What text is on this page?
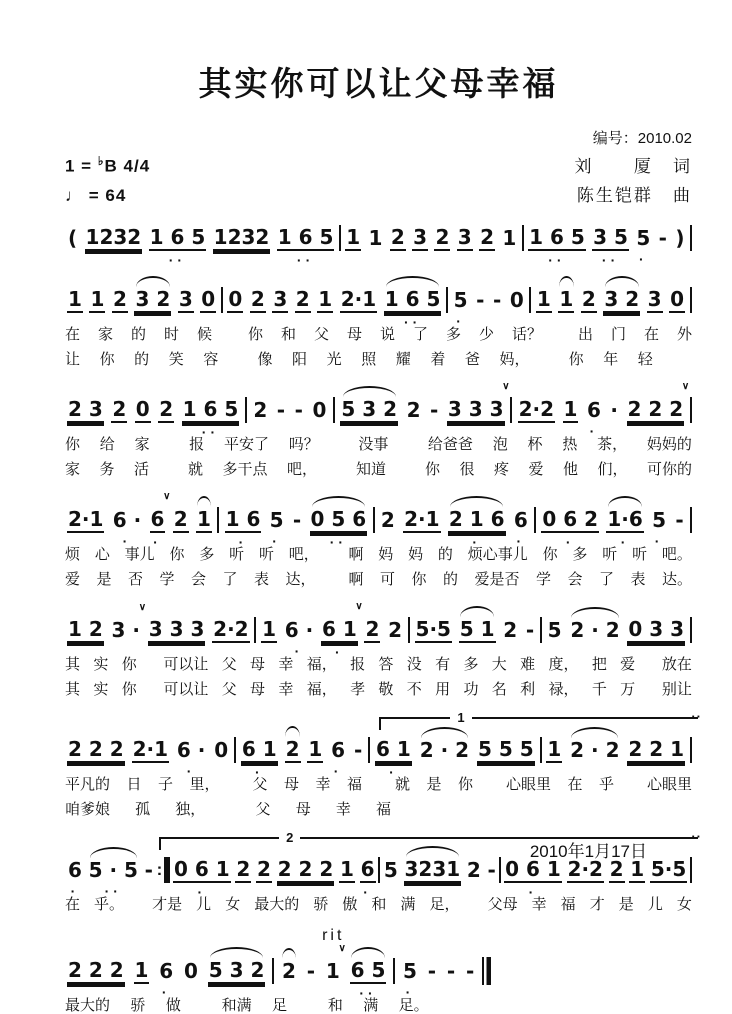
其实你可以让父母幸福
编号：2010.02
1 = ♭B 4/4	刘      厦   词
♩ = 64	陈生铠群   曲
( 1232 1 6 5
··
1232 1 6 5
··
1 1 2 3 2 3 2 1 1 6 5
··
3 5
··
5
·
- )
1 1 2 3 2 3 0 0 2 3 2 1 2·1 1 6 5
··
5
·
- - 0 1 1 2 3 2 3 0
在 家 的 时 候 你 和 父 母 说 了 多 少 话？ 出 门 在 外
让 你 的 笑 容	像 阳 光 照 耀 着 爸 妈，	你 年 轻
2 3 2 0 2 1 6 5
··
2 - - 0 5 3 2 2 -
∨
3 3 3 2·2 1 6
·
·
∨
2 2 2
你 给 家	报 平安了 吗？	没事	给爸爸 泡 杯 热 茶， 妈妈的
家 务 活	就 多干点 吧，	知道	你 很 疼 爱 他 们， 可你的
2·1 6 ·
·
∨
6
·
2 1 1 6
·
5
·
- 0 5 6
··
2 2·1 2 1 6
·
6
·
0 6 2
·
1·6
·
5
·
-
烦 心 事儿 你 多 听 听 吧， 啊 妈 妈 的 烦心事儿 你 多 听 听 吧。
爱 是 否 学 会 了 表 达， 啊 可 你 的 爱是否 学 会 了 表 达。
1 2
∨
3 · 3 3 3 2·2 1 6 ·
·
∨
6 1
·
2 2 5·5 5 1 2 - 5 2 · 2 0 3 3
其 实 你 可以让 父 母 幸 福， 报 答 没 有 多 大 难 度， 把 爱 放在
其 实 你 可以让 父 母 幸 福， 孝 敬 不 用 功 名 利 禄， 千 万 别让
1	··
2 2 2 2·1 6 ·
·
0 6 1
·
2 1 6
·
- 6 1
·
2 · 2 5 5 5 1 2 · 2 2 2 1
平凡的 日 子 里， 父 母 幸 福 就 是 你 心眼里 在 乎 心眼里
咱爹娘 孤 独，	父 母 幸 福
2	··
6
·
5 · 5
··
- : 0 6 1
·
2 2 2 2 2 1 6
·
5 3231 2 - 0 6 1
·
2·2 2 1 5·5
在 乎。 才是 儿 女 最大的 骄 傲 和 满 足， 父母 幸 福 才 是 儿 女
rit
2 2 2 1 6
·
0 5 3 2 2 -
∨
1 6 5
··
5
·
- - -
最大的 骄 做	和满 足	和 满 足。
2010年1月17日
